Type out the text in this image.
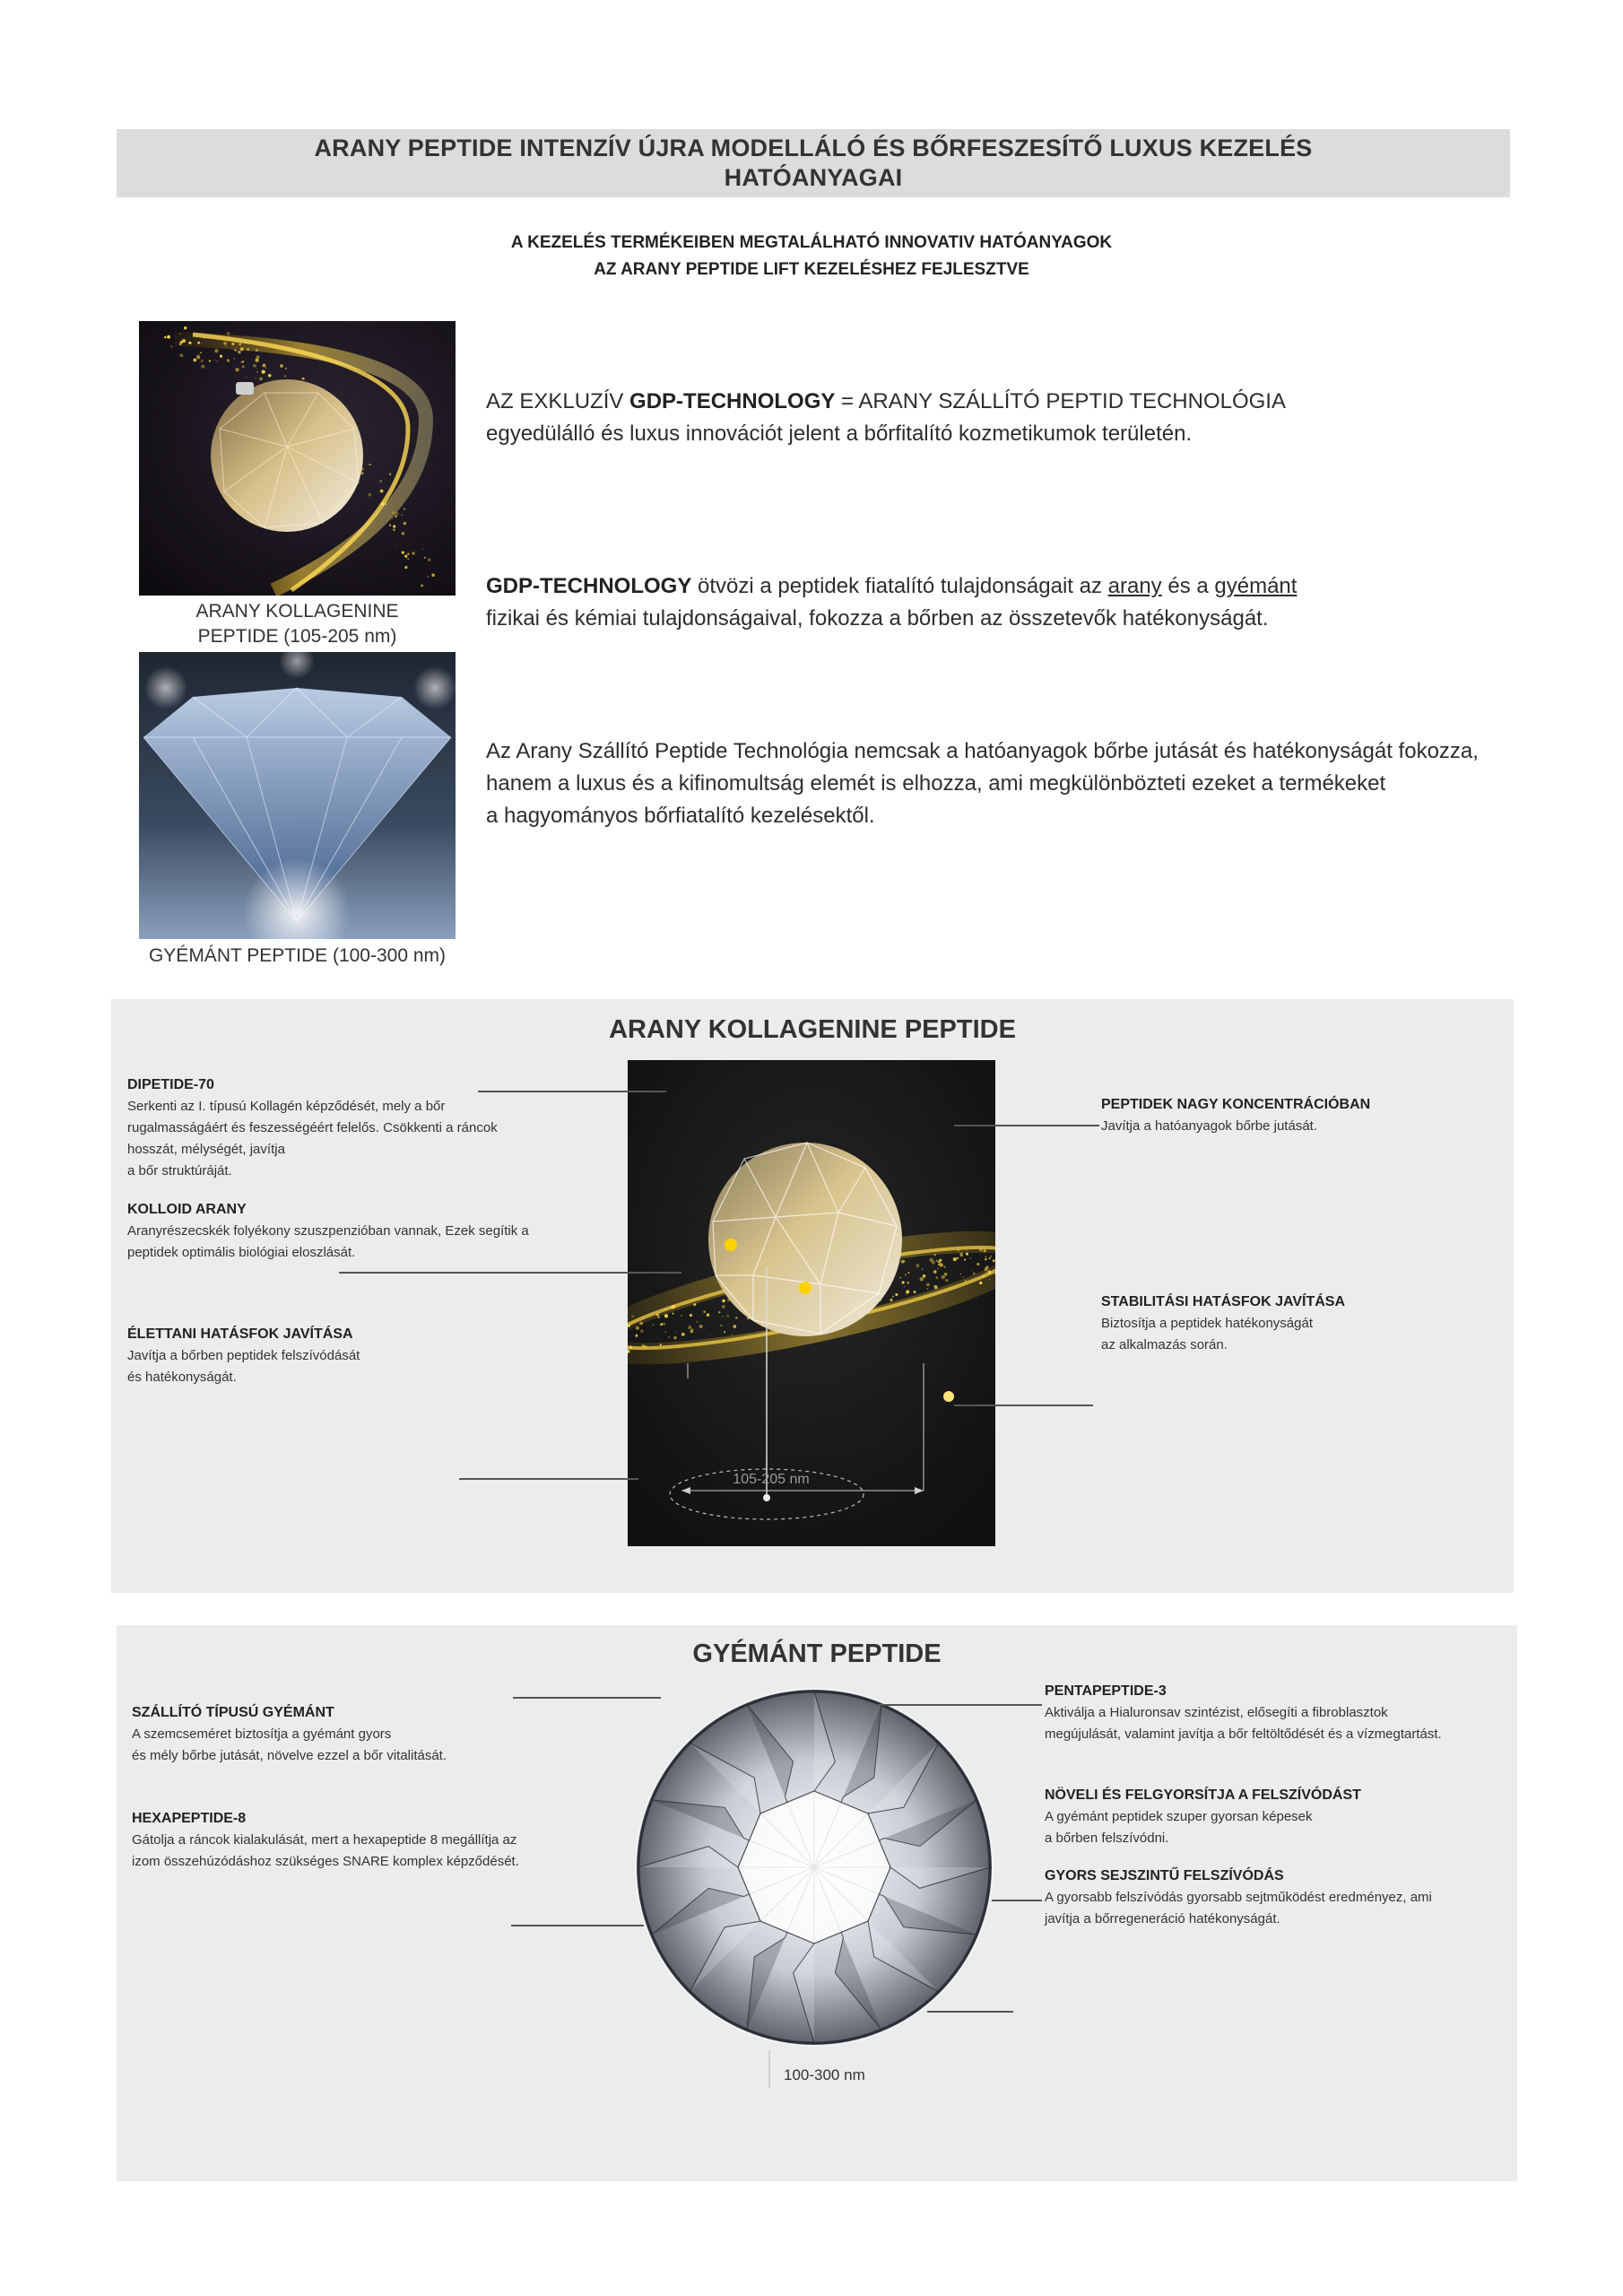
ARANY PEPTIDE INTENZÍV ÚJRA MODELLÁLÓ ÉS BŐRFESZESÍTŐ LUXUS KEZELÉS
HATÓANYAGAI
A KEZELÉS TERMÉKEIBEN MEGTALÁLHATÓ INNOVATIV HATÓANYAGOK
AZ ARANY PEPTIDE LIFT KEZELÉSHEZ FEJLESZTVE
ARANY KOLLAGENINE
PEPTIDE (105-205 nm)
GYÉMÁNT PEPTIDE (100-300 nm)
AZ EXKLUZÍV GDP-TECHNOLOGY = ARANY SZÁLLÍTÓ PEPTID TECHNOLÓGIA
egyedülálló és luxus innovációt jelent a bőrfitalító kozmetikumok területén.
GDP-TECHNOLOGY ötvözi a peptidek fiatalító tulajdonságait az arany és a gyémánt
fizikai és kémiai tulajdonságaival, fokozza a bőrben az összetevők hatékonyságát.
Az Arany Szállító Peptide Technológia nemcsak a hatóanyagok bőrbe jutását és hatékonyságát fokozza,
hanem a luxus és a kifinomultság elemét is elhozza, ami megkülönbözteti ezeket a termékeket
a hagyományos bőrfiatalító kezelésektől.
ARANY KOLLAGENINE PEPTIDE
105-205 nm
DIPETIDE-70
Serkenti az I. típusú Kollagén képződését, mely a bőr
rugalmasságáért és feszességéért felelős. Csökkenti a ráncok
hosszát, mélységét, javítja
a bőr struktúráját.
KOLLOID ARANY
Aranyrészecskék folyékony szuszpenzióban vannak, Ezek segítik a
peptidek optimális biológiai eloszlását.
ÉLETTANI HATÁSFOK JAVÍTÁSA
Javítja a bőrben peptidek felszívódását
és hatékonyságát.
PEPTIDEK NAGY KONCENTRÁCIÓBAN
Javítja a hatóanyagok bőrbe jutását.
STABILITÁSI HATÁSFOK JAVÍTÁSA
Biztosítja a peptidek hatékonyságát
az alkalmazás során.
GYÉMÁNT PEPTIDE
100-300 nm
SZÁLLÍTÓ TÍPUSÚ GYÉMÁNT
A szemcseméret biztosítja a gyémánt gyors
és mély bőrbe jutását, növelve ezzel a bőr vitalitását.
HEXAPEPTIDE-8
Gátolja a ráncok kialakulását, mert a hexapeptide 8 megállítja az
izom összehúzódáshoz szükséges SNARE komplex képződését.
PENTAPEPTIDE-3
Aktiválja a Hialuronsav szintézist, elősegíti a fibroblasztok
megújulását, valamint javítja a bőr feltöltődését és a vízmegtartást.
NÖVELI ÉS FELGYORSÍTJA A FELSZÍVÓDÁST
A gyémánt peptidek szuper gyorsan képesek
a bőrben felszívódni.
GYORS SEJSZINTŰ FELSZÍVÓDÁS
A gyorsabb felszívódás gyorsabb sejtműködést eredményez, ami
javítja a bőrregeneráció hatékonyságát.
